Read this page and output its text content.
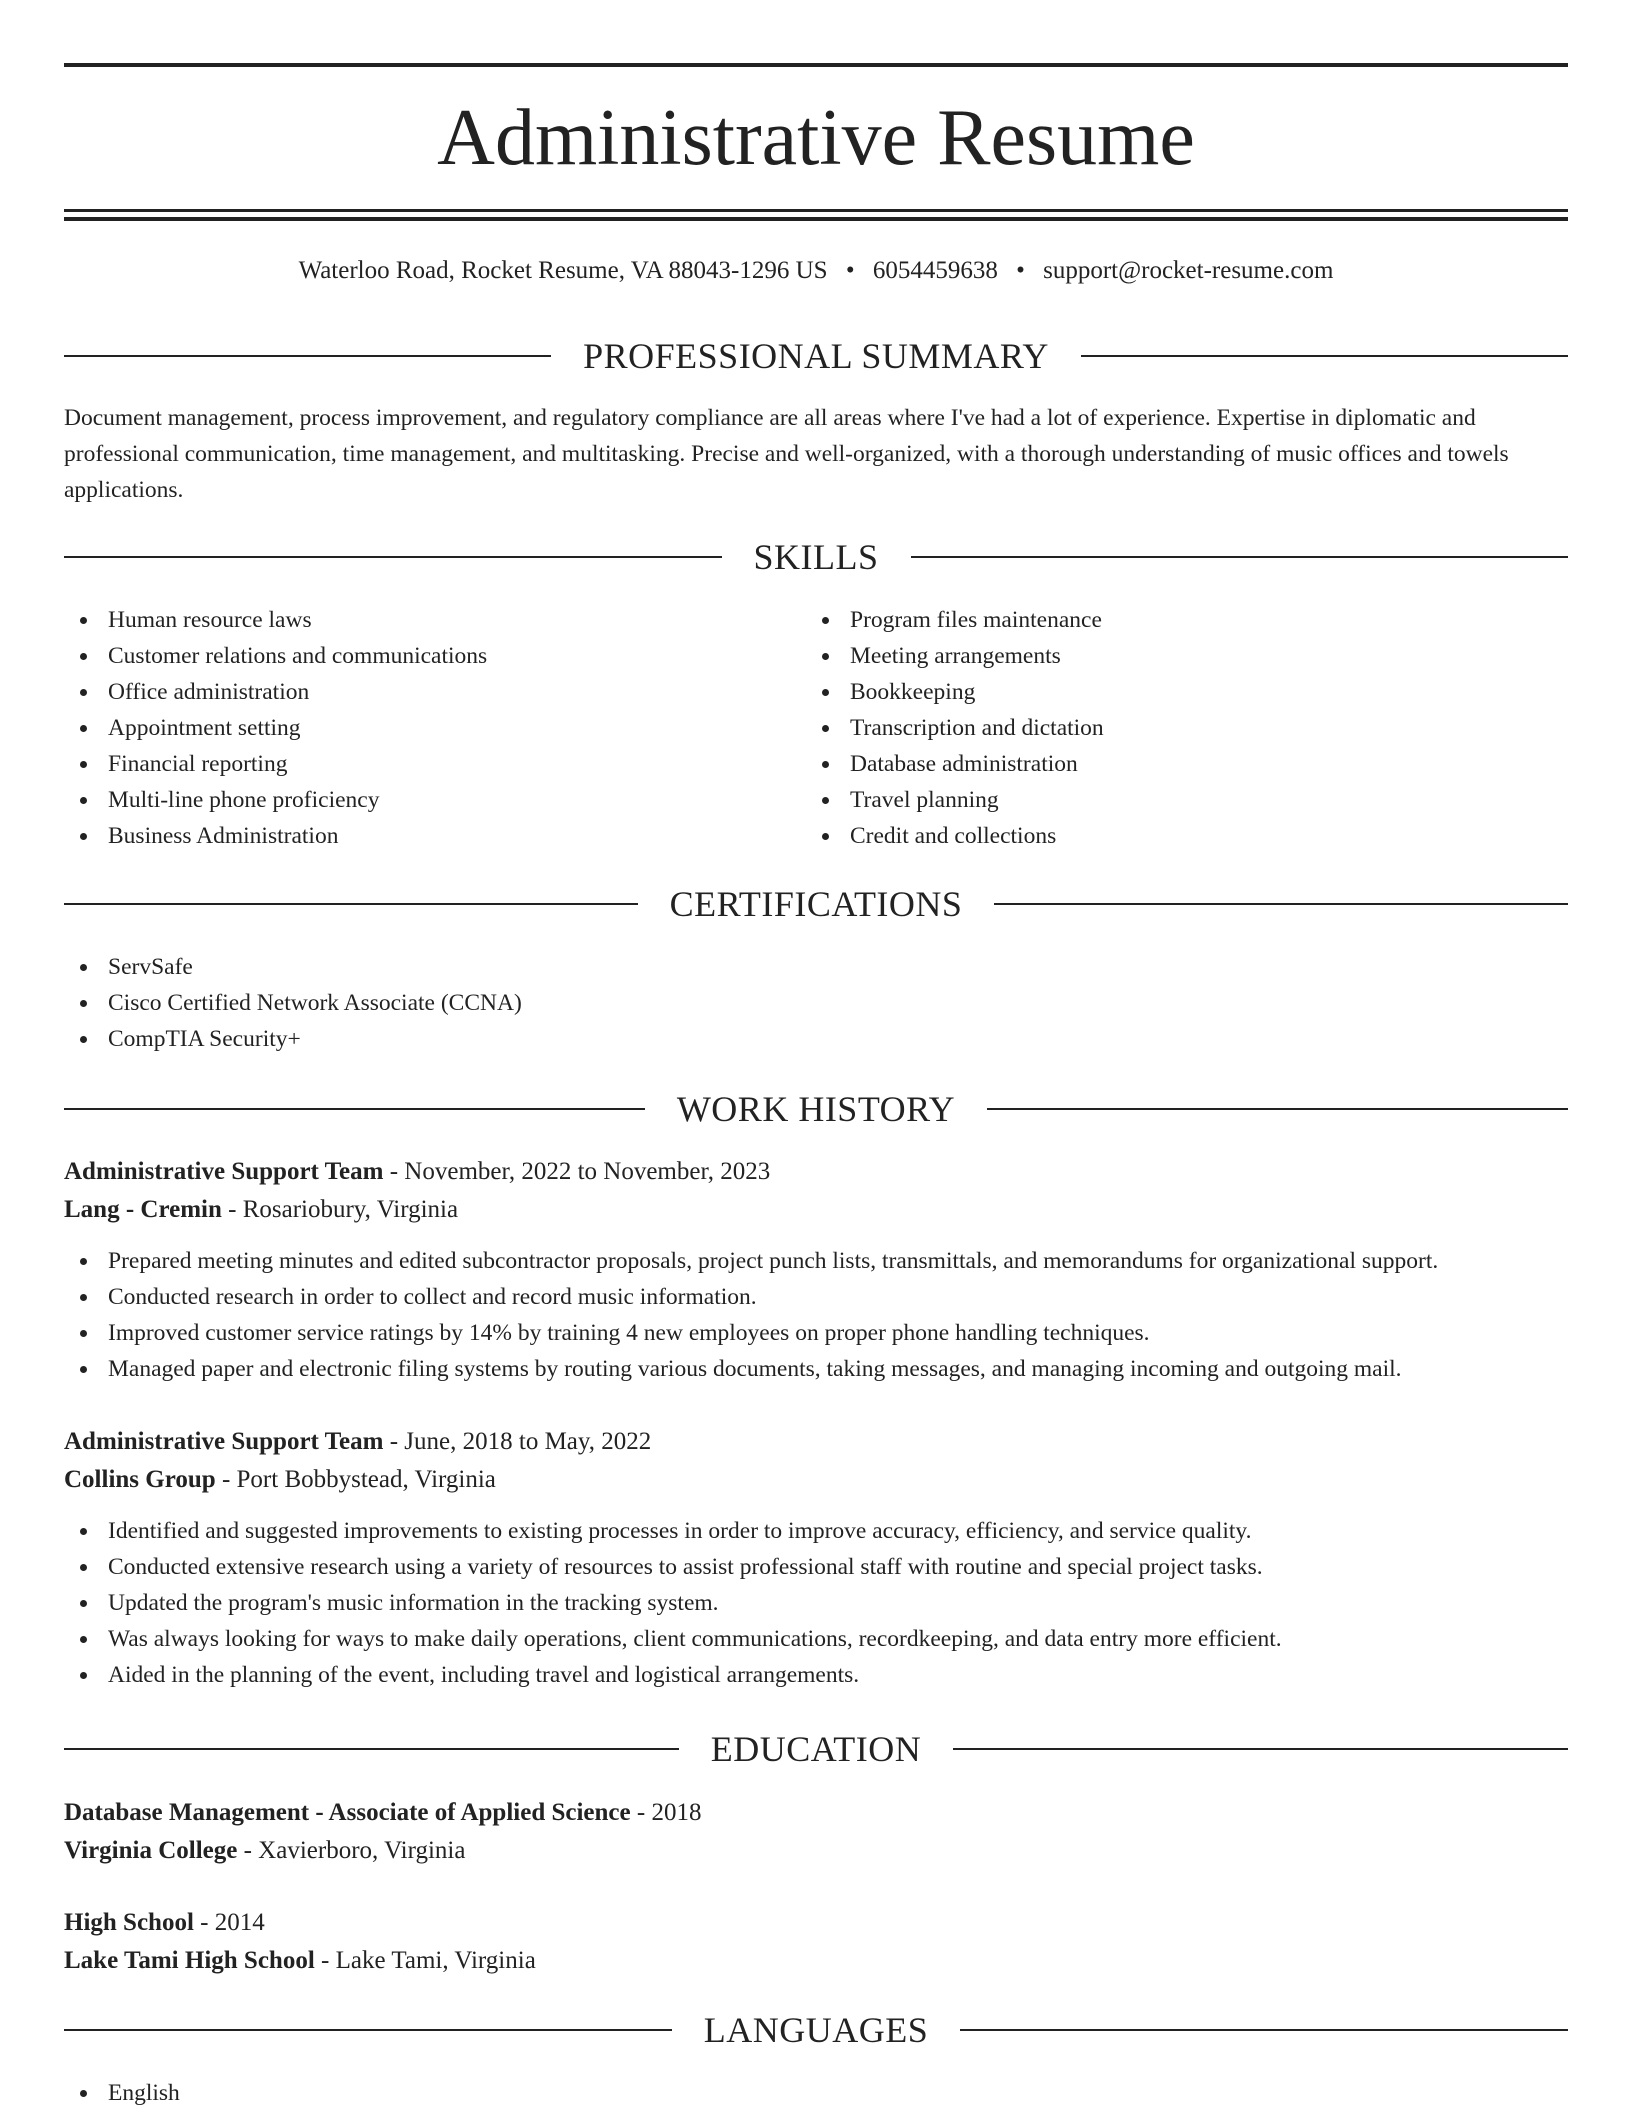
Administrative Resume
Waterloo Road, Rocket Resume, VA 88043-1296 US • 6054459638 • support@rocket-resume.com
PROFESSIONAL SUMMARY
Document management, process improvement, and regulatory compliance are all areas where I've had a lot of experience. Expertise in diplomatic and professional communication, time management, and multitasking. Precise and well-organized, with a thorough understanding of music offices and towels applications.
SKILLS
Human resource laws
Customer relations and communications
Office administration
Appointment setting
Financial reporting
Multi-line phone proficiency
Business Administration
Program files maintenance
Meeting arrangements
Bookkeeping
Transcription and dictation
Database administration
Travel planning
Credit and collections
CERTIFICATIONS
ServSafe
Cisco Certified Network Associate (CCNA)
CompTIA Security+
WORK HISTORY
Administrative Support Team - November, 2022 to November, 2023
Lang - Cremin - Rosariobury, Virginia
Prepared meeting minutes and edited subcontractor proposals, project punch lists, transmittals, and memorandums for organizational support.
Conducted research in order to collect and record music information.
Improved customer service ratings by 14% by training 4 new employees on proper phone handling techniques.
Managed paper and electronic filing systems by routing various documents, taking messages, and managing incoming and outgoing mail.
Administrative Support Team - June, 2018 to May, 2022
Collins Group - Port Bobbystead, Virginia
Identified and suggested improvements to existing processes in order to improve accuracy, efficiency, and service quality.
Conducted extensive research using a variety of resources to assist professional staff with routine and special project tasks.
Updated the program's music information in the tracking system.
Was always looking for ways to make daily operations, client communications, recordkeeping, and data entry more efficient.
Aided in the planning of the event, including travel and logistical arrangements.
EDUCATION
Database Management - Associate of Applied Science - 2018
Virginia College - Xavierboro, Virginia
High School - 2014
Lake Tami High School - Lake Tami, Virginia
LANGUAGES
English
